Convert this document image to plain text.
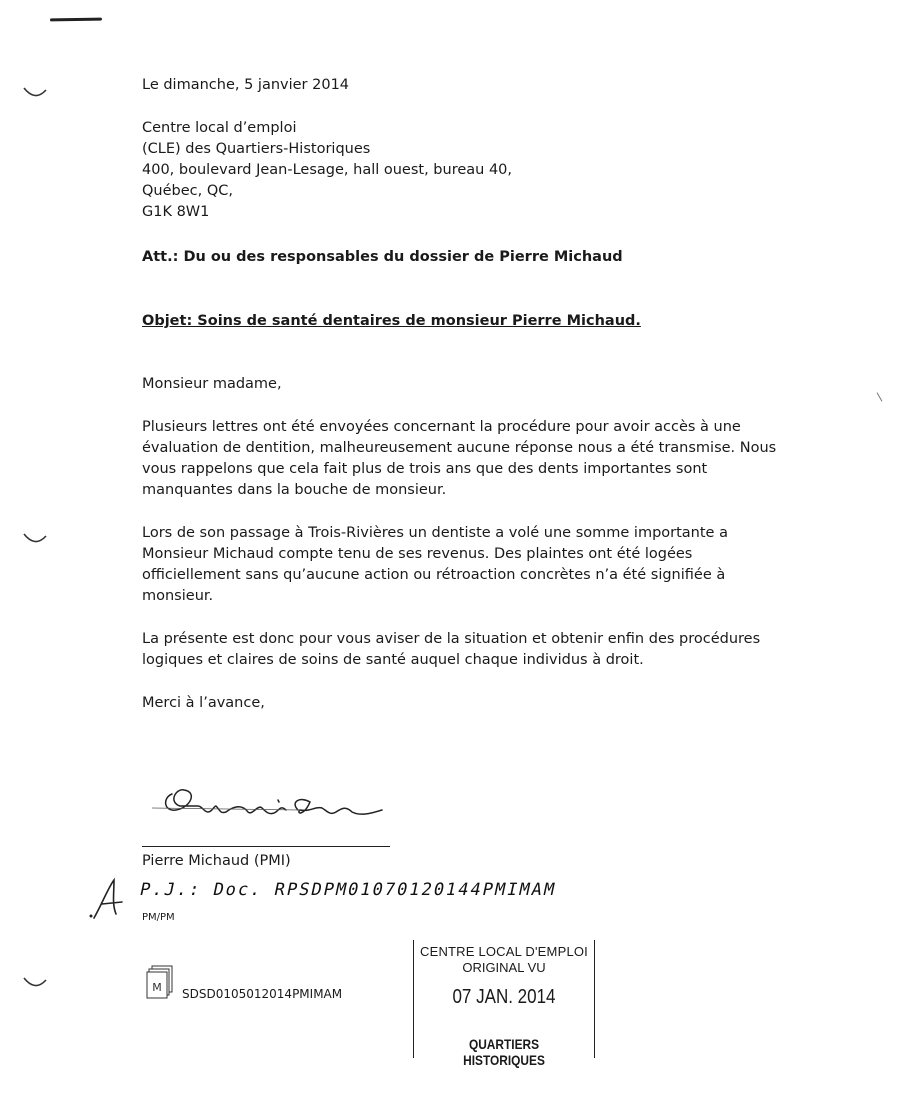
Le dimanche, 5 janvier 2014
Centre local d’emploi
(CLE) des Quartiers-Historiques
400, boulevard Jean-Lesage, hall ouest, bureau 40,
Québec, QC,
G1K 8W1
Att.: Du ou des responsables du dossier de Pierre Michaud
Objet: Soins de santé dentaires de monsieur Pierre Michaud.
Monsieur madame,

Plusieurs lettres ont été envoyées concernant la procédure pour avoir accès à une

évaluation de dentition, malheureusement aucune réponse nous a été transmise. Nous

vous rappelons que cela fait plus de trois ans que des dents importantes sont

manquantes dans la bouche de monsieur.

Lors de son passage à Trois-Rivières un dentiste a volé une somme importante a

Monsieur Michaud compte tenu de ses revenus. Des plaintes ont été logées

officiellement sans qu’aucune action ou rétroaction concrètes n’a été signifiée à

monsieur.

La présente est donc pour vous aviser de la situation et obtenir enfin des procédures

logiques et claires de soins de santé auquel chaque individus à droit.

Merci à l’avance,
Pierre Michaud (PMI)
P.J.: Doc. RPSDPM01070120144PMIMAM
PM/PM
M SDSD0105012014PMIMAM
CENTRE LOCAL D'EMPLOI
ORIGINAL VU
07 JAN. 2014
QUARTIERS HISTORIQUES
